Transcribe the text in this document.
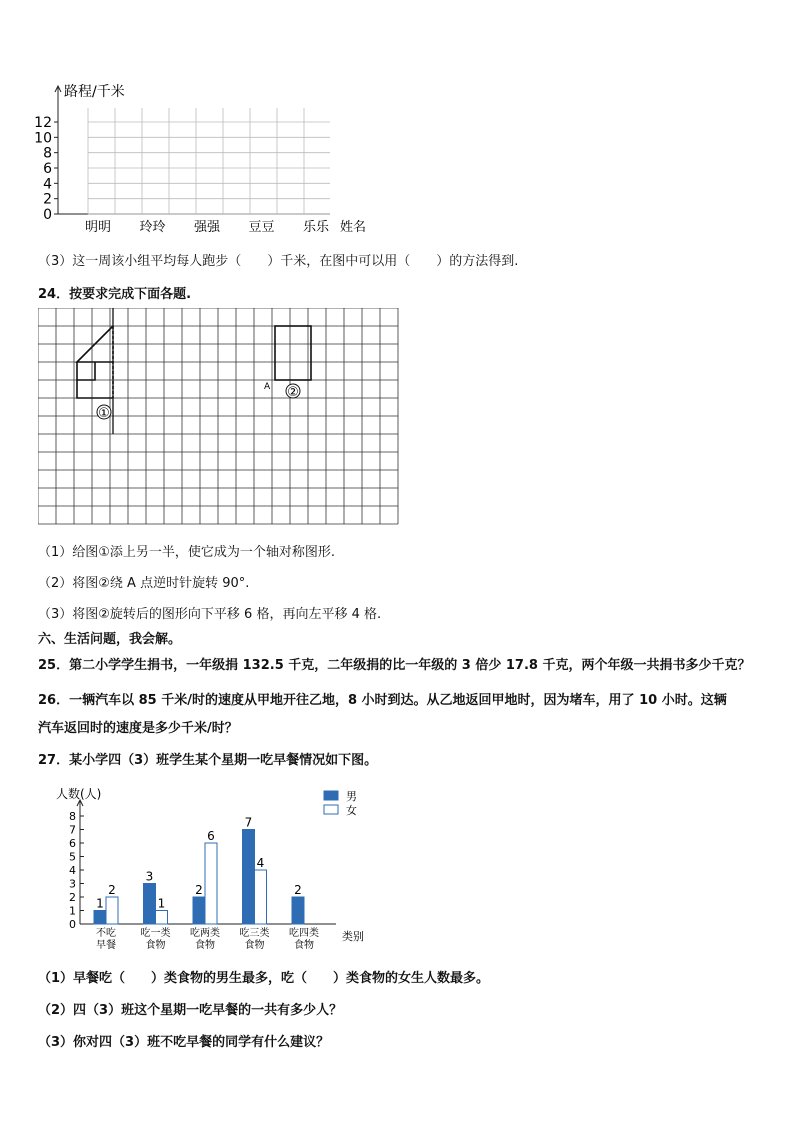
路程/千米
0
2
4
6
8
10
12
明明 玲玲 强强 豆豆 乐乐 姓名
（3）这一周该小组平均每人跑步（　　）千米，在图中可以用（　　）的方法得到.
24．按要求完成下面各题.
①
A ②
（1）给图①添上另一半，使它成为一个轴对称图形.
（2）将图②绕 A 点逆时针旋转 90°.
（3）将图②旋转后的图形向下平移 6 格，再向左平移 4 格.
六、生活问题，我会解。
25．第二小学学生捐书，一年级捐 132.5 千克，二年级捐的比一年级的 3 倍少 17.8 千克，两个年级一共捐书多少千克？
26．一辆汽车以 85 千米/时的速度从甲地开往乙地，8 小时到达。从乙地返回甲地时，因为堵车，用了 10 小时。这辆
汽车返回时的速度是多少千米/时？
27．某小学四（3）班学生某个星期一吃早餐情况如下图。
人数(人)
0
1
2
3
4
5
6
7
8
1
2
3
1
2
6
7
4
2
不吃
早餐
吃一类
食物
吃两类
食物
吃三类
食物
吃四类
食物
类别
男
女
（1）早餐吃（　　）类食物的男生最多，吃（　　）类食物的女生人数最多。
（2）四（3）班这个星期一吃早餐的一共有多少人？
（3）你对四（3）班不吃早餐的同学有什么建议？
